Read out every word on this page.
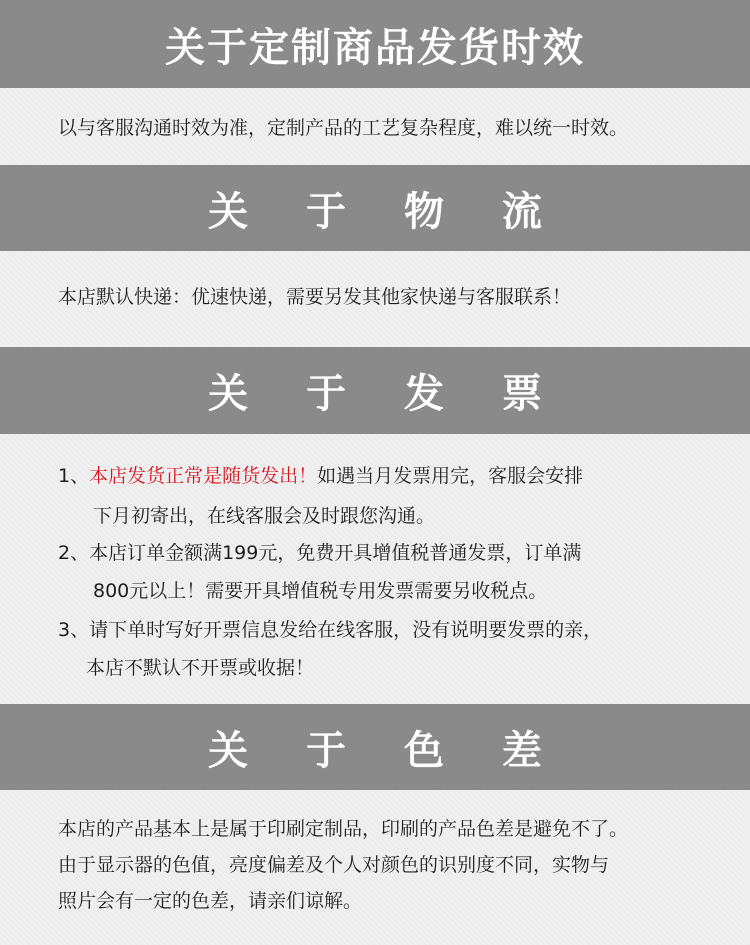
关于定制商品发货时效
以与客服沟通时效为准，定制产品的工艺复杂程度，难以统一时效。
关 于 物 流
本店默认快递：优速快递，需要另发其他家快递与客服联系！
关 于 发 票
1、本店发货正常是随货发出！如遇当月发票用完，客服会安排
下月初寄出，在线客服会及时跟您沟通。
2、本店订单金额满199元，免费开具增值税普通发票，订单满
800元以上！需要开具增值税专用发票需要另收税点。
3、请下单时写好开票信息发给在线客服，没有说明要发票的亲，
本店不默认不开票或收据！
关 于 色 差
本店的产品基本上是属于印刷定制品，印刷的产品色差是避免不了。
由于显示器的色值，亮度偏差及个人对颜色的识别度不同，实物与
照片会有一定的色差，请亲们谅解。
